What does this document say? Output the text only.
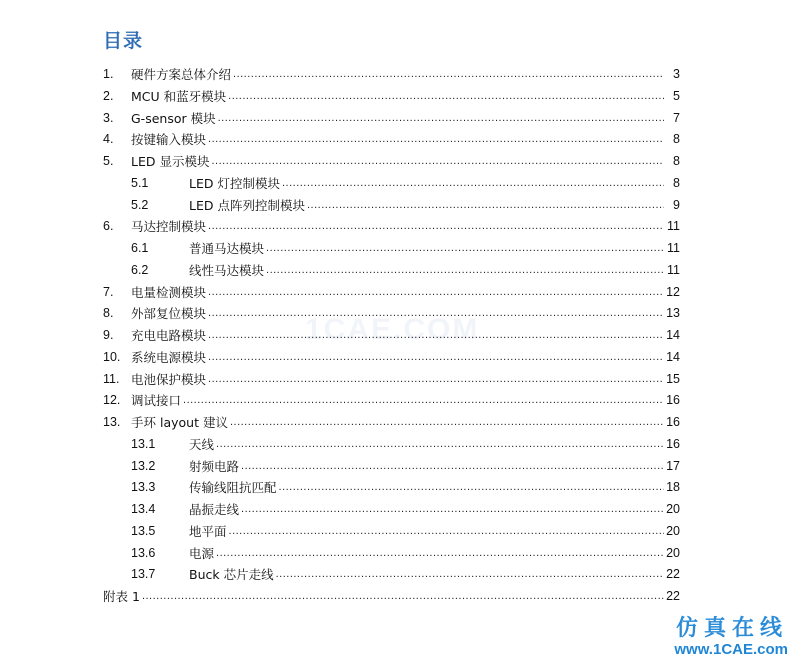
目录
1CAE.COM
1.	硬件方案总体介绍 .....	3
2.	MCU 和蓝牙模块 .....	5
3.	G-sensor 模块 .....	7
4.	按键输入模块 .....	8
5.	LED 显示模块 .....	8
5.1	LED 灯控制模块 .....	8
5.2	LED 点阵列控制模块 .....	9
6.	马达控制模块 .....	11
6.1	普通马达模块 .....	11
6.2	线性马达模块 .....	11
7.	电量检测模块 .....	12
8.	外部复位模块 .....	13
9.	充电电路模块 .....	14
10. 系统电源模块 .....	14
11. 电池保护模块 .....	15
12. 调试接口 .....	16
13. 手环 layout 建议 .....	16
13.1	天线 .....	16
13.2	射频电路 .....	17
13.3	传输线阻抗匹配 .....	18
13.4	晶振走线 .....	20
13.5	地平面 .....	20
13.6	电源 .....	20
13.7	Buck 芯片走线 .....	22
附表 1 .....	22
仿真在线
www.1CAE.com
